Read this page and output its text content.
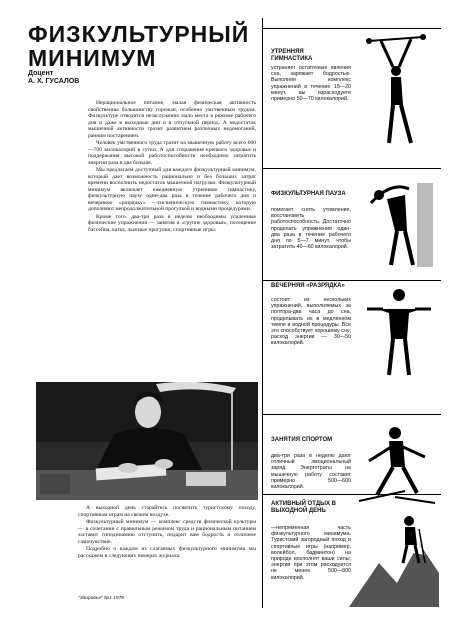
ФИЗКУЛЬТУРНЫЙ
МИНИМУМ
Доцент
А. Х. ГУСАЛОВ

Нерациональное питание, малая физическая активность свойственны большинству горожан, особенно умственным трудом. Физкультуре отводится незаслуженно мало места в режиме рабочего дня и даже в выходные дни и в отпускной период. А недостаток мышечной активности грозит развитием различных недомоганий, ранним постарением.

Человек умственного труда тратит на мышечную работу всего 600—700 килокалорий в сутки. А для сохранения крепкого здоровья и поддержания высокой работоспособности необходимо затратить энергии раза в два больше.

Мы предлагаем доступный для каждого физкультурный минимум, который дает возможность рационально и без больших затрат времени восполнить недостаток мышечной нагрузки. Физкультурный минимум включает ежедневную утреннюю гимнастику, физкультурную паузу один-два раза в течение рабочего дня и вечернюю «разрядку» —гигиеническую гимнастику, которую дополняют непродолжительной прогулкой и водными процедурами.

Кроме того, два-три раза в неделю необходимы усиленные физические упражнения — занятия в «группе здоровья», посещение бассейна, катка, лыжные прогулки, спортивные игры.

А выходной день старайтесь посвятить туристскому походу, спортивным играм на свежем воздухе.

Физкультурный минимум — комплекс средств физической культуры — в сочетании с правильным режимом труда и рациональным питанием заставит гиподинамию отступить, подарит вам бодрость и отличное самочувствие.

Подробно о каждом из слагаемых физкультурного минимума мы расскажем в следующих номерах журнала.

"Здоровье" №1 1978
УТРЕННЯЯ ГИМНАСТИКА
устраняет остаточные явления сна, заряжает бодростью. Выполняя комплекс упражнений в течение 15—20 минут, вы израсходуете примерно 50—70 килокалорий.
ФИЗКУЛЬТУРНАЯ ПАУЗА
помогает снять утомление, восстановить работоспособность. Достаточно проделать упражнения один-два раза в течение рабочего дня по 5—7 минут, чтобы затратить 40—60 килокалорий.
ВЕЧЕРНЯЯ «РАЗРЯДКА»
состоит из нескольких упражнений, выполняемых за полтора-два часа до сна, проделывать их в медленном темпе и водной процедуры. Все это способствует хорошему сну; расход энергии — 30—50 килокалорий.
ЗАНЯТИЯ СПОРТОМ
два-три раза в неделю дают отличный эмоциональный заряд. Энерготраты на мышечную работу составят примерно 500—600 килокалорий.
АКТИВНЫЙ ОТДЫХ В ВЫХОДНОЙ ДЕНЬ
—непременная часть физкультурного минимума. Туристский загородный поход и спортивные игры (например, волейбол, бадминтон) на природе восполнят ваши силы; энергии при этом расходуется не менее 500—800 килокалорий.
